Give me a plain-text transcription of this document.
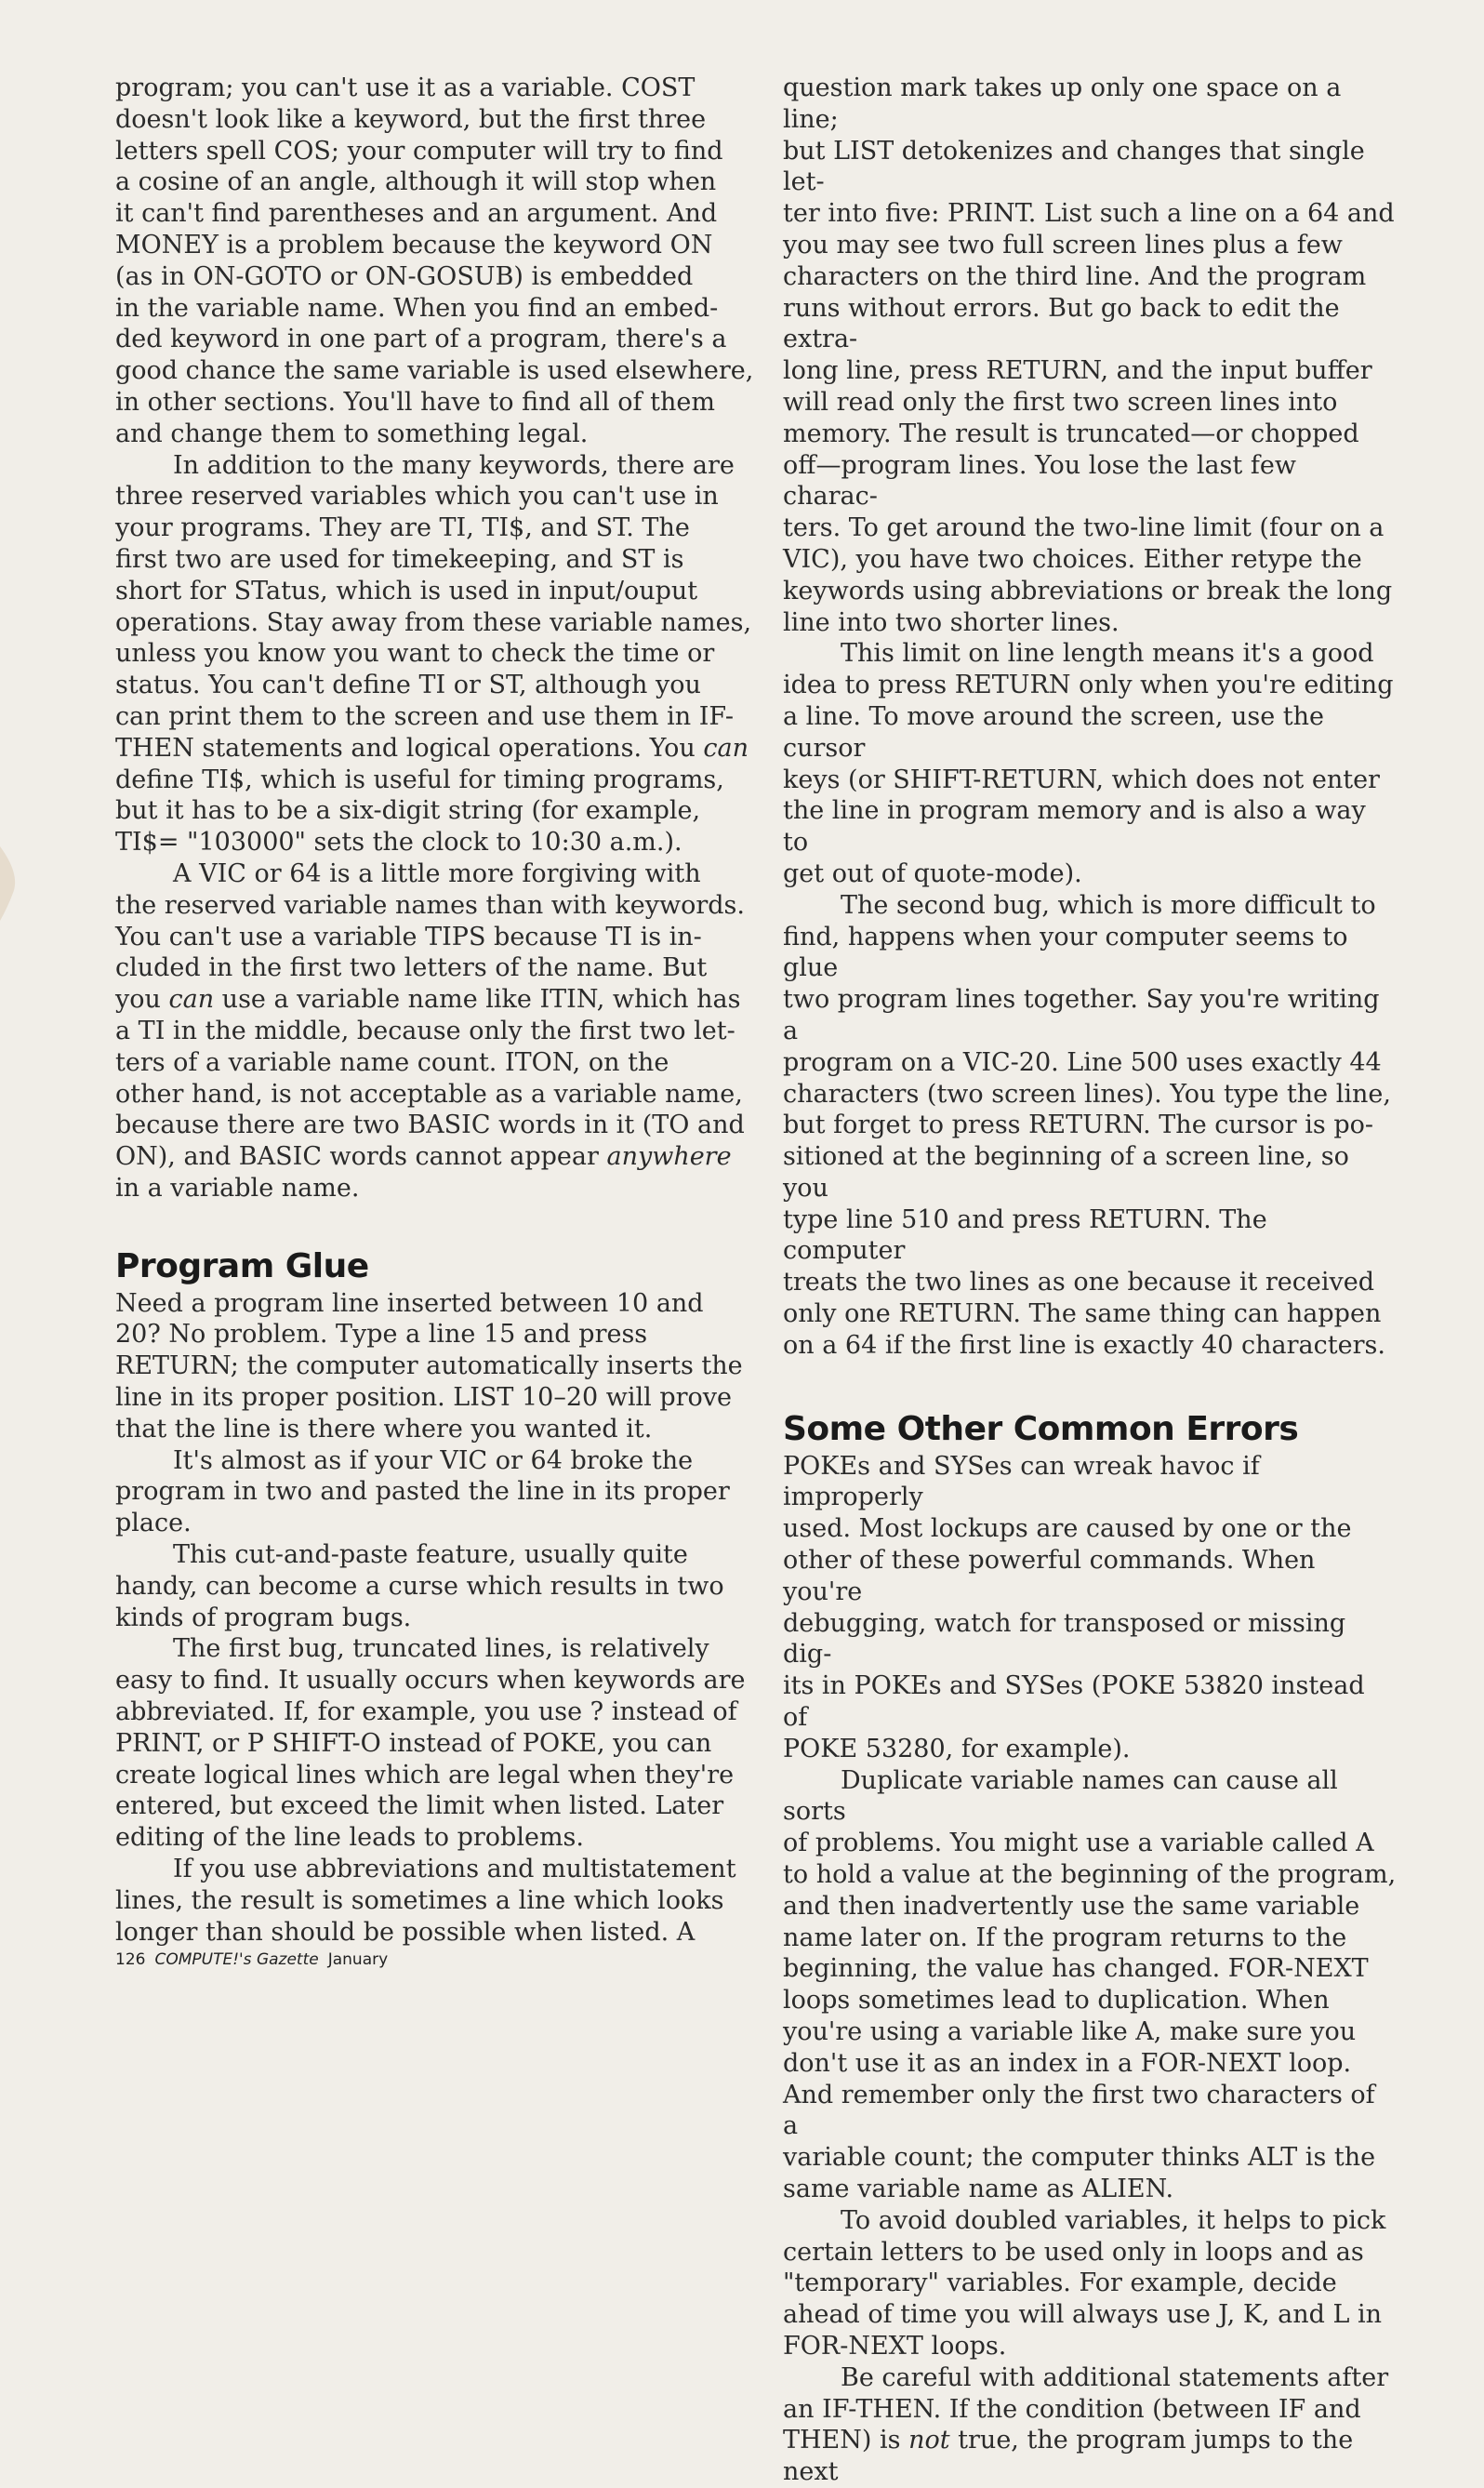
program; you can't use it as a variable. COST
doesn't look like a keyword, but the first three
letters spell COS; your computer will try to find
a cosine of an angle, although it will stop when
it can't find parentheses and an argument. And
MONEY is a problem because the keyword ON
(as in ON-GOTO or ON-GOSUB) is embedded
in the variable name. When you find an embed-
ded keyword in one part of a program, there's a
good chance the same variable is used elsewhere,
in other sections. You'll have to find all of them
and change them to something legal.

In addition to the many keywords, there are
three reserved variables which you can't use in
your programs. They are TI, TI$, and ST. The
first two are used for timekeeping, and ST is
short for STatus, which is used in input/ouput
operations. Stay away from these variable names,
unless you know you want to check the time or
status. You can't define TI or ST, although you
can print them to the screen and use them in IF-
THEN statements and logical operations. You can
define TI$, which is useful for timing programs,
but it has to be a six-digit string (for example,
TI$= "103000" sets the clock to 10:30 a.m.).

A VIC or 64 is a little more forgiving with
the reserved variable names than with keywords.
You can't use a variable TIPS because TI is in-
cluded in the first two letters of the name. But
you can use a variable name like ITIN, which has
a TI in the middle, because only the first two let-
ters of a variable name count. ITON, on the
other hand, is not acceptable as a variable name,
because there are two BASIC words in it (TO and
ON), and BASIC words cannot appear anywhere
in a variable name.

Program Glue

Need a program line inserted between 10 and
20? No problem. Type a line 15 and press
RETURN; the computer automatically inserts the
line in its proper position. LIST 10–20 will prove
that the line is there where you wanted it.

It's almost as if your VIC or 64 broke the
program in two and pasted the line in its proper
place.

This cut-and-paste feature, usually quite
handy, can become a curse which results in two
kinds of program bugs.

The first bug, truncated lines, is relatively
easy to find. It usually occurs when keywords are
abbreviated. If, for example, you use ? instead of
PRINT, or P SHIFT-O instead of POKE, you can
create logical lines which are legal when they're
entered, but exceed the limit when listed. Later
editing of the line leads to problems.

If you use abbreviations and multistatement
lines, the result is sometimes a line which looks
longer than should be possible when listed. A

question mark takes up only one space on a line;
but LIST detokenizes and changes that single let-
ter into five: PRINT. List such a line on a 64 and
you may see two full screen lines plus a few
characters on the third line. And the program
runs without errors. But go back to edit the extra-
long line, press RETURN, and the input buffer
will read only the first two screen lines into
memory. The result is truncated—or chopped
off—program lines. You lose the last few charac-
ters. To get around the two-line limit (four on a
VIC), you have two choices. Either retype the
keywords using abbreviations or break the long
line into two shorter lines.

This limit on line length means it's a good
idea to press RETURN only when you're editing
a line. To move around the screen, use the cursor
keys (or SHIFT-RETURN, which does not enter
the line in program memory and is also a way to
get out of quote-mode).

The second bug, which is more difficult to
find, happens when your computer seems to glue
two program lines together. Say you're writing a
program on a VIC-20. Line 500 uses exactly 44
characters (two screen lines). You type the line,
but forget to press RETURN. The cursor is po-
sitioned at the beginning of a screen line, so you
type line 510 and press RETURN. The computer
treats the two lines as one because it received
only one RETURN. The same thing can happen
on a 64 if the first line is exactly 40 characters.

Some Other Common Errors

POKEs and SYSes can wreak havoc if improperly
used. Most lockups are caused by one or the
other of these powerful commands. When you're
debugging, watch for transposed or missing dig-
its in POKEs and SYSes (POKE 53820 instead of
POKE 53280, for example).

Duplicate variable names can cause all sorts
of problems. You might use a variable called A
to hold a value at the beginning of the program,
and then inadvertently use the same variable
name later on. If the program returns to the
beginning, the value has changed. FOR-NEXT
loops sometimes lead to duplication. When
you're using a variable like A, make sure you
don't use it as an index in a FOR-NEXT loop.
And remember only the first two characters of a
variable count; the computer thinks ALT is the
same variable name as ALIEN.

To avoid doubled variables, it helps to pick
certain letters to be used only in loops and as
"temporary" variables. For example, decide
ahead of time you will always use J, K, and L in
FOR-NEXT loops.

Be careful with additional statements after
an IF-THEN. If the condition (between IF and
THEN) is not true, the program jumps to the next

126 COMPUTE!'s Gazette January
